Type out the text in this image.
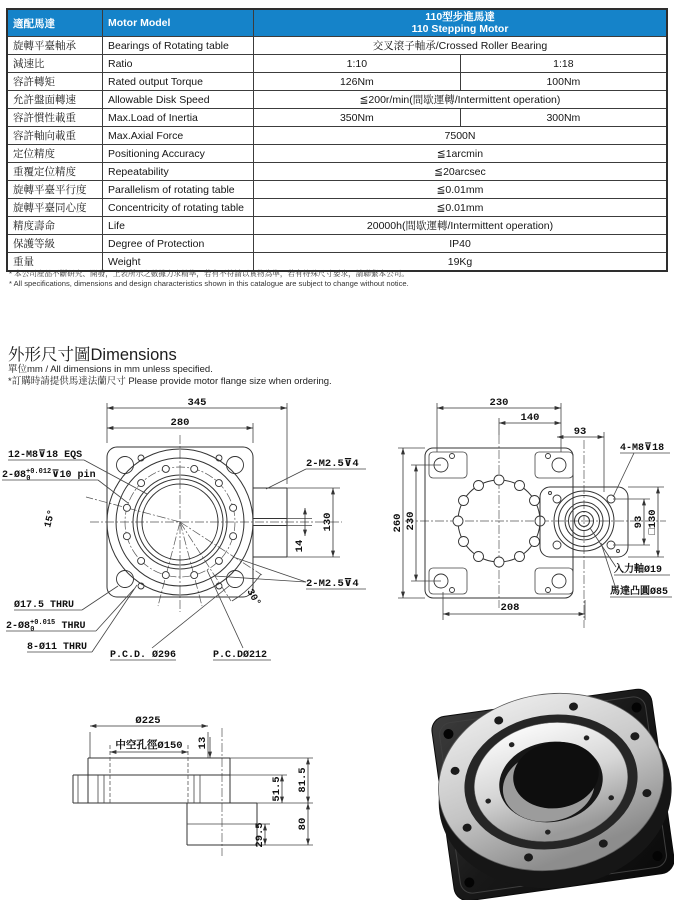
適配馬達	Motor Model	110型步進馬達
110 Stepping Motor	

旋轉平臺軸承	Bearings of Rotating table	交叉滾子軸承/Crossed Roller Bearing	
減速比	Ratio	1:10	1:18
容許轉矩	Rated output Torque	126Nm	100Nm
允許盤面轉速	Allowable Disk Speed	≦200r/min(間歇運轉/Intermittent operation)	
容許慣性載重	Max.Load of Inertia	350Nm	300Nm
容許軸向載重	Max.Axial Force	7500N	
定位精度	Positioning Accuracy	≦1arcmin	
重覆定位精度	Repeatability	≦20arcsec	
旋轉平臺平行度	Parallelism of rotating table	≦0.01mm	
旋轉平臺同心度	Concentricity of rotating table	≦0.01mm	
精度壽命	Life	20000h(間歇運轉/Intermittent operation)	
保護等級	Degree of Protection	IP40	
重量	Weight	19Kg	
* 本公司產品不斷研究、開發，上表所示之數據力求精準，若有不符請以實物為準，若有特殊尺寸要求，請聯繫本公司。
* All specifications, dimensions and design characteristics shown in this catalogue are subject to change without notice.
外形尺寸圖Dimensions
單位mm / All dimensions in mm unless specified.
*訂購時請提供馬達法蘭尺寸 Please provide motor flange size when ordering.
345
280
130
14
12-M8⊽18 EQS
$2-Ø8^{+0.012}$ 0 ⊽10 pin
15°
2-M2.5⊽4
2-M2.5⊽4
30°
Ø17.5 THRU
$2-Ø8^{+0.015}$ 0 THRU
8-Ø11 THRU
P.C.D. Ø296	P.C.DØ212
230
140
93
4-M8⊽18
260 230	93 □130
入力軸Ø19
馬達凸圓Ø85
208
Ø225
中空孔徑Ø150 13
51.5 81.5
29.5	80
